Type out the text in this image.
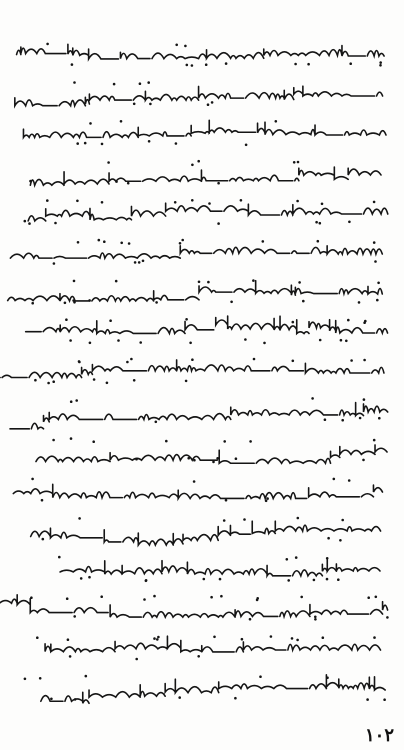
۱۰۲
